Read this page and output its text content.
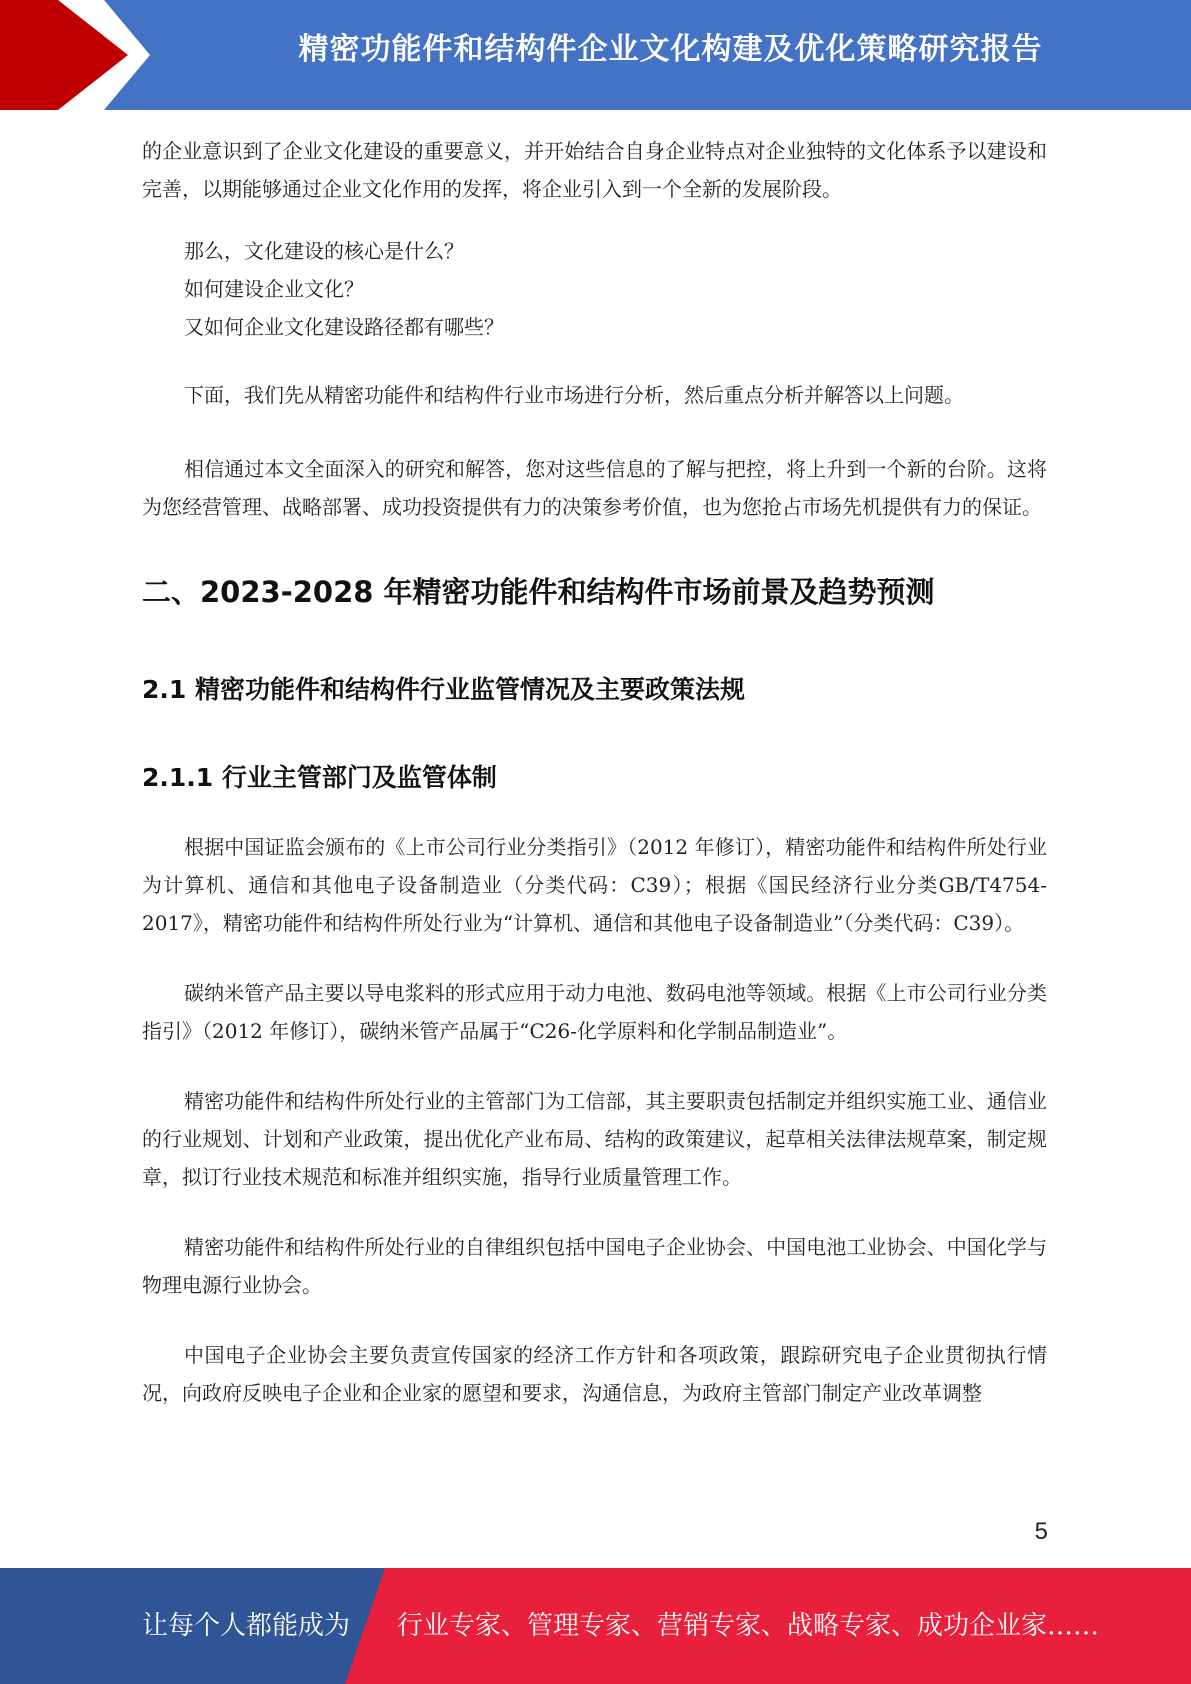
精密功能件和结构件企业文化构建及优化策略研究报告

的企业意识到了企业文化建设的重要意义，并开始结合自身企业特点对企业独特的文化体系予以建设和完善，以期能够通过企业文化作用的发挥，将企业引入到一个全新的发展阶段。

那么，文化建设的核心是什么？
如何建设企业文化？
又如何企业文化建设路径都有哪些？

下面，我们先从精密功能件和结构件行业市场进行分析，然后重点分析并解答以上问题。

相信通过本文全面深入的研究和解答，您对这些信息的了解与把控，将上升到一个新的台阶。这将为您经营管理、战略部署、成功投资提供有力的决策参考价值，也为您抢占市场先机提供有力的保证。

二、2023-2028 年精密功能件和结构件市场前景及趋势预测
2.1 精密功能件和结构件行业监管情况及主要政策法规
2.1.1 行业主管部门及监管体制

根据中国证监会颁布的《上市公司行业分类指引》（2012 年修订），精密功能件和结构件所处行业为计算机、通信和其他电子设备制造业（分类代码：C39）；根据《国民经济行业分类GB/T4754-2017》，精密功能件和结构件所处行业为“计算机、通信和其他电子设备制造业”（分类代码：C39）。

碳纳米管产品主要以导电浆料的形式应用于动力电池、数码电池等领域。根据《上市公司行业分类指引》（2012 年修订），碳纳米管产品属于“C26-化学原料和化学制品制造业”。

精密功能件和结构件所处行业的主管部门为工信部，其主要职责包括制定并组织实施工业、通信业的行业规划、计划和产业政策，提出优化产业布局、结构的政策建议，起草相关法律法规草案，制定规章，拟订行业技术规范和标准并组织实施，指导行业质量管理工作。

精密功能件和结构件所处行业的自律组织包括中国电子企业协会、中国电池工业协会、中国化学与物理电源行业协会。

中国电子企业协会主要负责宣传国家的经济工作方针和各项政策，跟踪研究电子企业贯彻执行情况，向政府反映电子企业和企业家的愿望和要求，沟通信息，为政府主管部门制定产业改革调整

5
让每个人都能成为 行业专家、管理专家、营销专家、战略专家、成功企业家……
